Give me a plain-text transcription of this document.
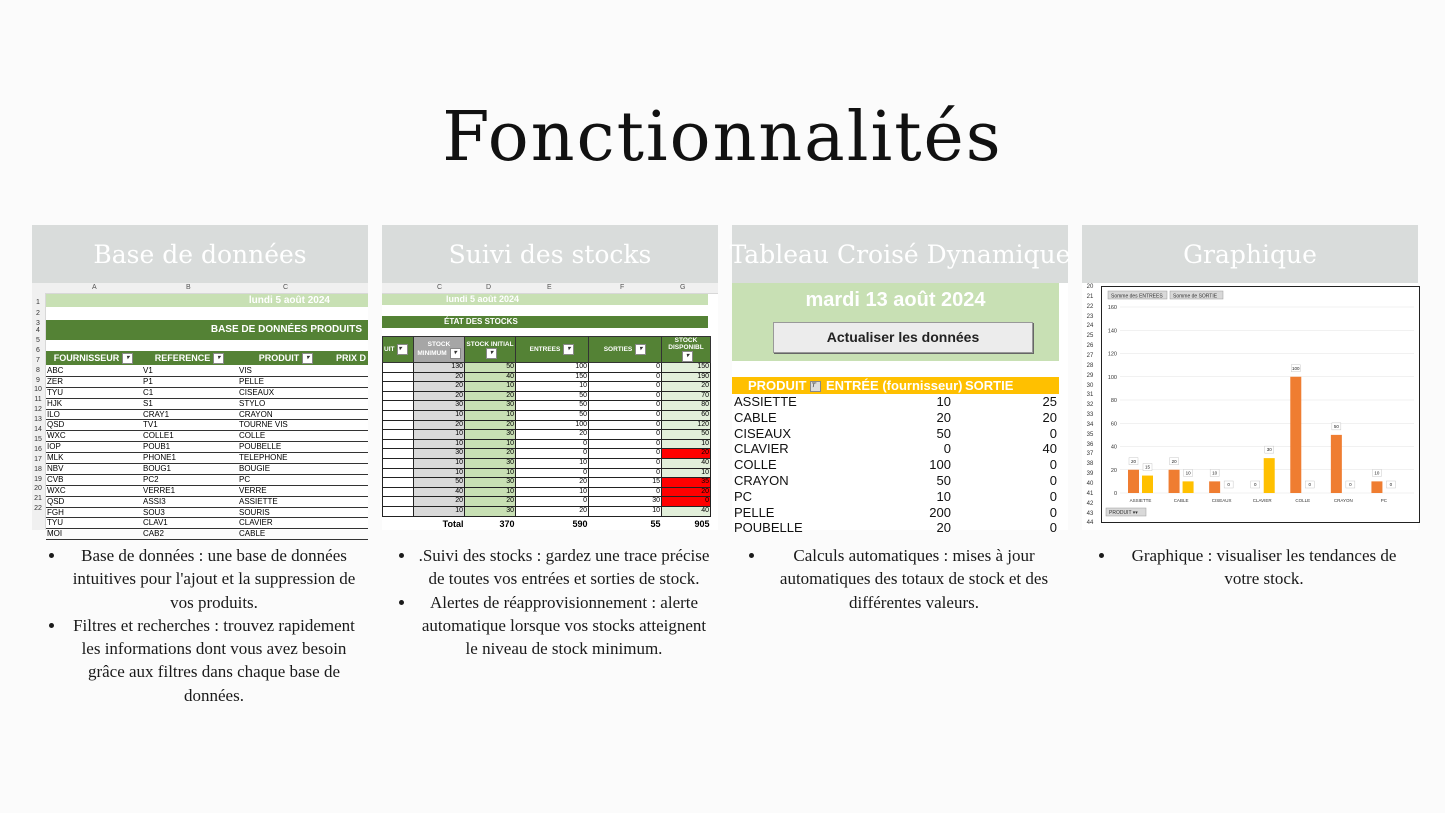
Fonctionnalités
Base de données
A	B	C
1
2
3
4
5
6
7
8
9
10
11
12
13
14
15
16
17
18
19
20
21
22
lundi 5 août 2024
BASE DE DONNÉES PRODUITS
FOURNISSEUR ▾	REFERENCE ▾	PRODUIT ▾	PRIX D
ABC	V1	VIS
ZER	P1	PELLE
TYU	C1	CISEAUX
HJK	S1	STYLO
ILO	CRAY1	CRAYON
QSD	TV1	TOURNE VIS
WXC	COLLE1	COLLE
IOP	POUB1	POUBELLE
MLK	PHONE1	TELEPHONE
NBV	BOUG1	BOUGIE
CVB	PC2	PC
WXC	VERRE1	VERRE
QSD	ASSI3	ASSIETTE
FGH	SOU3	SOURIS
TYU	CLAV1	CLAVIER
MOI	CAB2	CABLE
• Base de données : une base de données intuitives pour l'ajout et la suppression de vos produits.
• Filtres et recherches : trouvez rapidement les informations dont vous avez besoin grâce aux filtres dans chaque base de données.
Suivi des stocks
C	D	E	F	G
lundi 5 août 2024
ÉTAT DES STOCKS
UIT ▾	STOCK MINIMUM ▾	STOCK INITIAL▾	ENTREES ▾	SORTIES ▾	STOCK DISPONIBL▾
	130	50	100	0	150
	20	40	150	0	190
	20	10	10	0	20
	20	20	50	0	70
	30	30	50	0	80
	10	10	50	0	60
	20	20	100	0	120
	10	30	20	0	50
	10	10	0	0	10
	30	20	0	0	20
	10	30	10	0	40
	10	10	0	0	10
	50	30	20	15	35
	40	10	10	0	20
	20	20	0	30	0
	10	30	20	10	40
	Total	370	590	55	905
• .Suivi des stocks : gardez une trace précise de toutes vos entrées et sorties de stock.
• Alertes de réapprovisionnement : alerte automatique lorsque vos stocks atteignent le niveau de stock minimum.
Tableau Croisé Dynamique
mardi 13 août 2024
Actualiser les données
PRODUIT ⊤ ENTRÉE (fournisseur) SORTIE (client)
ASSIETTE	10	25
CABLE	20	20
CISEAUX	50	0
CLAVIER	0	40
COLLE	100	0
CRAYON	50	0
PC	10	0
PELLE	200	0
POUBELLE	20	0
• Calculs automatiques : mises à jour automatiques des totaux de stock et des différentes valeurs.
Graphique
20
21
22
23
24
25
26
27
28
29
30
31
32
33
34
35
36
37
38
39
40
41
42
43
44
Somme des ENTREES Somme de SORTIE
0
20
40
60
80
100
120
140
160
20
15
ASSIETTE
20
10
CABLE
10
0
CISEAUX
0
30
CLAVIER
100
0
COLLE
50
0
CRAYON
10
0
PC
PRODUIT ▾▾
• Graphique : visualiser les tendances de votre stock.
